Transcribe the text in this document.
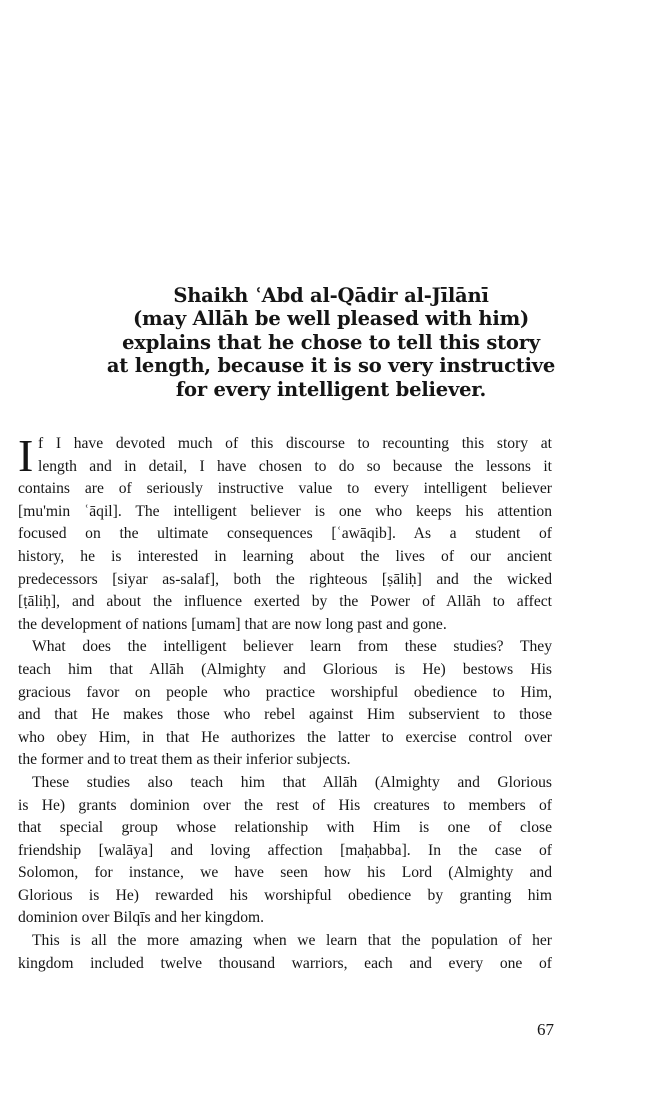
Shaikh ʿAbd al-Qādir al-Jīlānī
(may Allāh be well pleased with him)
explains that he chose to tell this story
at length, because it is so very instructive
for every intelligent believer.
I f I have devoted much of this discourse to recounting this story at
length and in detail, I have chosen to do so because the lessons it
contains are of seriously instructive value to every intelligent believer
[mu'min ʿāqil]. The intelligent believer is one who keeps his attention
focused on the ultimate consequences [ʿawāqib]. As a student of
history, he is interested in learning about the lives of our ancient
predecessors [siyar as-salaf], both the righteous [ṣāliḥ] and the wicked
[ṭāliḥ], and about the influence exerted by the Power of Allāh to affect
the development of nations [umam] that are now long past and gone.
What does the intelligent believer learn from these studies? They
teach him that Allāh (Almighty and Glorious is He) bestows His
gracious favor on people who practice worshipful obedience to Him,
and that He makes those who rebel against Him subservient to those
who obey Him, in that He authorizes the latter to exercise control over
the former and to treat them as their inferior subjects.
These studies also teach him that Allāh (Almighty and Glorious
is He) grants dominion over the rest of His creatures to members of
that special group whose relationship with Him is one of close
friendship [walāya] and loving affection [maḥabba]. In the case of
Solomon, for instance, we have seen how his Lord (Almighty and
Glorious is He) rewarded his worshipful obedience by granting him
dominion over Bilqīs and her kingdom.
This is all the more amazing when we learn that the population of her
kingdom included twelve thousand warriors, each and every one of
67
